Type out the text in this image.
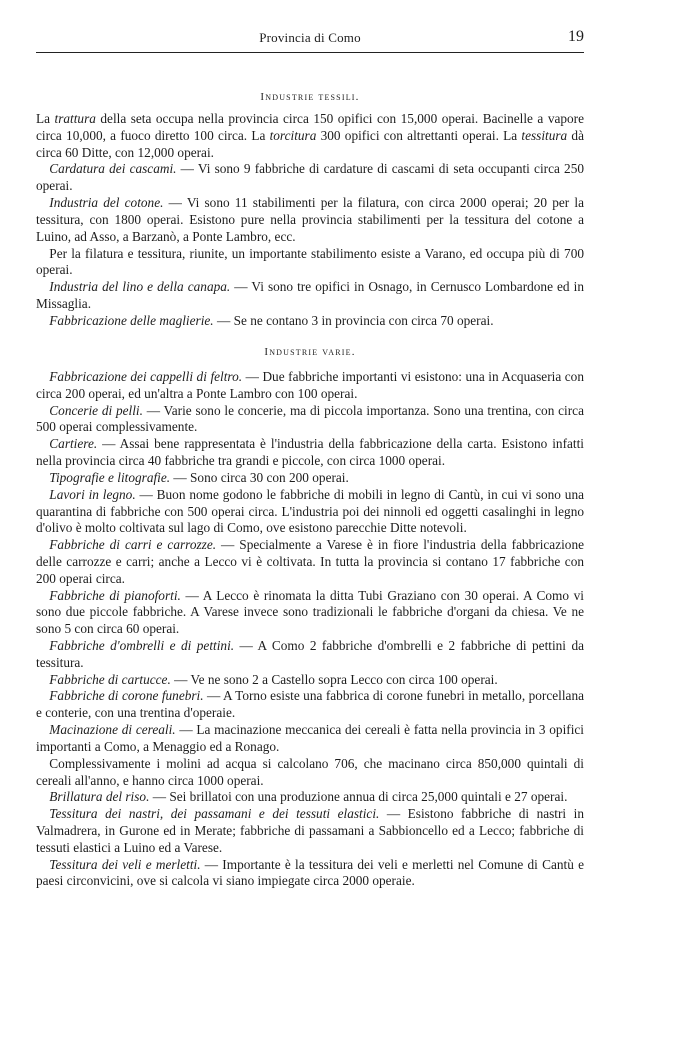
Provincia di Como	19
Industrie tessili.

La trattura della seta occupa nella provincia circa 150 opifici con 15,000 operai. Bacinelle a vapore circa 10,000, a fuoco diretto 100 circa. La torcitura 300 opifici con altrettanti operai. La tessitura dà circa 60 Ditte, con 12,000 operai.

 Cardatura dei cascami. — Vi sono 9 fabbriche di cardature di cascami di seta occupanti circa 250 operai.

 Industria del cotone. — Vi sono 11 stabilimenti per la filatura, con circa 2000 operai; 20 per la tessitura, con 1800 operai. Esistono pure nella provincia stabilimenti per la tessitura del cotone a Luino, ad Asso, a Barzanò, a Ponte Lambro, ecc.

 Per la filatura e tessitura, riunite, un importante stabilimento esiste a Varano, ed occupa più di 700 operai.

 Industria del lino e della canapa. — Vi sono tre opifici in Osnago, in Cernusco Lombardone ed in Missaglia.

 Fabbricazione delle maglierie. — Se ne contano 3 in provincia con circa 70 operai.

Industrie varie.

 Fabbricazione dei cappelli di feltro. — Due fabbriche importanti vi esistono: una in Acquaseria con circa 200 operai, ed un'altra a Ponte Lambro con 100 operai.

 Concerie di pelli. — Varie sono le concerie, ma di piccola importanza. Sono una trentina, con circa 500 operai complessivamente.

 Cartiere. — Assai bene rappresentata è l'industria della fabbricazione della carta. Esistono infatti nella provincia circa 40 fabbriche tra grandi e piccole, con circa 1000 operai.

 Tipografie e litografie. — Sono circa 30 con 200 operai.

 Lavori in legno. — Buon nome godono le fabbriche di mobili in legno di Cantù, in cui vi sono una quarantina di fabbriche con 500 operai circa. L'industria poi dei ninnoli ed oggetti casalinghi in legno d'olivo è molto coltivata sul lago di Como, ove esistono parecchie Ditte notevoli.

 Fabbriche di carri e carrozze. — Specialmente a Varese è in fiore l'industria della fabbricazione delle carrozze e carri; anche a Lecco vi è coltivata. In tutta la provincia si contano 17 fabbriche con 200 operai circa.

 Fabbriche di pianoforti. — A Lecco è rinomata la ditta Tubi Graziano con 30 operai. A Como vi sono due piccole fabbriche. A Varese invece sono tradizionali le fabbriche d'organi da chiesa. Ve ne sono 5 con circa 60 operai.

 Fabbriche d'ombrelli e di pettini. — A Como 2 fabbriche d'ombrelli e 2 fabbriche di pettini da tessitura.

 Fabbriche di cartucce. — Ve ne sono 2 a Castello sopra Lecco con circa 100 operai.

 Fabbriche di corone funebri. — A Torno esiste una fabbrica di corone funebri in metallo, porcellana e conterie, con una trentina d'operaie.

 Macinazione di cereali. — La macinazione meccanica dei cereali è fatta nella provincia in 3 opifici importanti a Como, a Menaggio ed a Ronago.

 Complessivamente i molini ad acqua si calcolano 706, che macinano circa 850,000 quintali di cereali all'anno, e hanno circa 1000 operai.

 Brillatura del riso. — Sei brillatoi con una produzione annua di circa 25,000 quintali e 27 operai.

 Tessitura dei nastri, dei passamani e dei tessuti elastici. — Esistono fabbriche di nastri in Valmadrera, in Gurone ed in Merate; fabbriche di passamani a Sabbioncello ed a Lecco; fabbriche di tessuti elastici a Luino ed a Varese.

 Tessitura dei veli e merletti. — Importante è la tessitura dei veli e merletti nel Comune di Cantù e paesi circonvicini, ove si calcola vi siano impiegate circa 2000 operaie.
